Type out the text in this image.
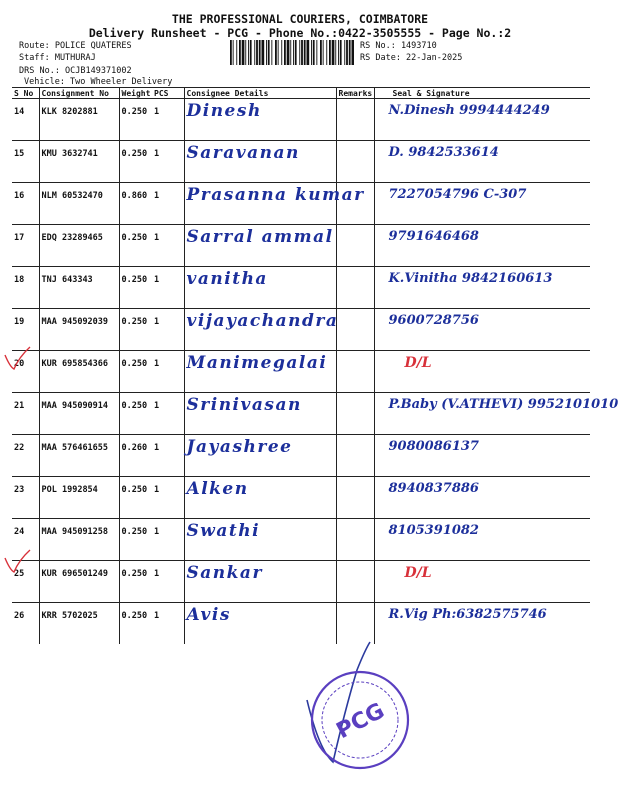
THE PROFESSIONAL COURIERS, COIMBATORE
Delivery Runsheet - PCG - Phone No.:0422-3505555 - Page No.:2
Route: POLICE QUATERES
Staff: MUTHURAJ
DRS No.: OCJB149371002
Vehicle: Two Wheeler Delivery
RS No.: 1493710
RS Date: 22-Jan-2025
S No	Consignment No	Weight	PCS	Consignee Details	Remarks	Seal & Signature
14	KLK 8202881	0.250	1	Dinesh		N.Dinesh 9994444249
15	KMU 3632741	0.250	1	Saravanan		D. 9842533614
16	NLM 60532470	0.860	1	Prasanna kumar		7227054796 C-307
17	EDQ 23289465	0.250	1	Sarral ammal		9791646468
18	TNJ 643343	0.250	1	vanitha		K.Vinitha 9842160613
19	MAA 945092039	0.250	1	vijayachandra		9600728756
20	KUR 695854366	0.250	1	Manimegalai		D/L
21	MAA 945090914	0.250	1	Srinivasan		P.Baby (V.ATHEVI) 9952101010
22	MAA 576461655	0.260	1	Jayashree		9080086137
23	POL 1992854	0.250	1	Alken		8940837886
24	MAA 945091258	0.250	1	Swathi		8105391082
25	KUR 696501249	0.250	1	Sankar		D/L
26	KRR 5702025	0.250	1	Avis		R.Vig Ph:6382575746
PCG
